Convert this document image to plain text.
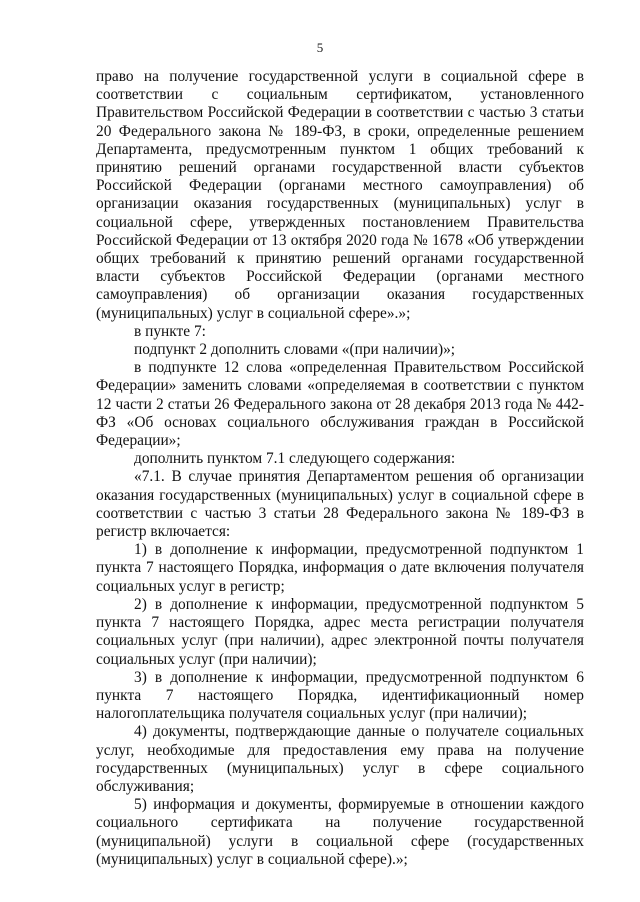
5

право на получение государственной услуги в социальной сфере в соответствии с социальным сертификатом, установленного Правительством Российской Федерации в соответствии с частью 3 статьи 20 Федерального закона № 189-ФЗ, в сроки, определенные решением Департамента, предусмотренным пунктом 1 общих требований к принятию решений органами государственной власти субъектов Российской Федерации (органами местного самоуправления) об организации оказания государственных (муниципальных) услуг в социальной сфере, утвержденных постановлением Правительства Российской Федерации от 13 октября 2020 года № 1678 «Об утверждении общих требований к принятию решений органами государственной власти субъектов Российской Федерации (органами местного самоуправления) об организации оказания государственных (муниципальных) услуг в социальной сфере».»;

в пункте 7:

подпункт 2 дополнить словами «(при наличии)»;

в подпункте 12 слова «определенная Правительством Российской Федерации» заменить словами «определяемая в соответствии с пунктом 12 части 2 статьи 26 Федерального закона от 28 декабря 2013 года № 442-ФЗ «Об основах социального обслуживания граждан в Российской Федерации»;

дополнить пунктом 7.1 следующего содержания:

«7.1. В случае принятия Департаментом решения об организации оказания государственных (муниципальных) услуг в социальной сфере в соответствии с частью 3 статьи 28 Федерального закона № 189-ФЗ в регистр включается:

1) в дополнение к информации, предусмотренной подпунктом 1 пункта 7 настоящего Порядка, информация о дате включения получателя социальных услуг в регистр;

2) в дополнение к информации, предусмотренной подпунктом 5 пункта 7 настоящего Порядка, адрес места регистрации получателя социальных услуг (при наличии), адрес электронной почты получателя социальных услуг (при наличии);

3) в дополнение к информации, предусмотренной подпунктом 6 пункта 7 настоящего Порядка, идентификационный номер налогоплательщика получателя социальных услуг (при наличии);

4) документы, подтверждающие данные о получателе социальных услуг, необходимые для предоставления ему права на получение государственных (муниципальных) услуг в сфере социального обслуживания;

5) информация и документы, формируемые в отношении каждого социального сертификата на получение государственной (муниципальной) услуги в социальной сфере (государственных (муниципальных) услуг в социальной сфере).»;
